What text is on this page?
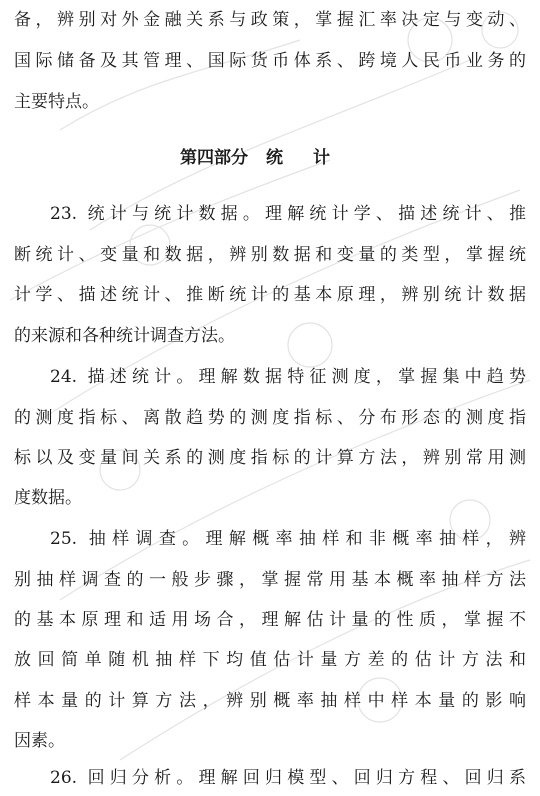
备，辨别对外金融关系与政策，掌握汇率决定与变动、
国际储备及其管理、国际货币体系、跨境人民币业务的
主要特点。
第四部分 统计
23. 统计与统计数据。理解统计学、描述统计、推
断统计、变量和数据，辨别数据和变量的类型，掌握统
计学、描述统计、推断统计的基本原理，辨别统计数据
的来源和各种统计调查方法。
24. 描述统计。理解数据特征测度，掌握集中趋势
的测度指标、离散趋势的测度指标、分布形态的测度指
标以及变量间关系的测度指标的计算方法，辨别常用测
度数据。
25. 抽样调查。理解概率抽样和非概率抽样，辨
别抽样调查的一般步骤，掌握常用基本概率抽样方法
的基本原理和适用场合，理解估计量的性质，掌握不
放回简单随机抽样下均值估计量方差的估计方法和
样本量的计算方法，辨别概率抽样中样本量的影响
因素。
26. 回归分析。理解回归模型、回归方程、回归系
